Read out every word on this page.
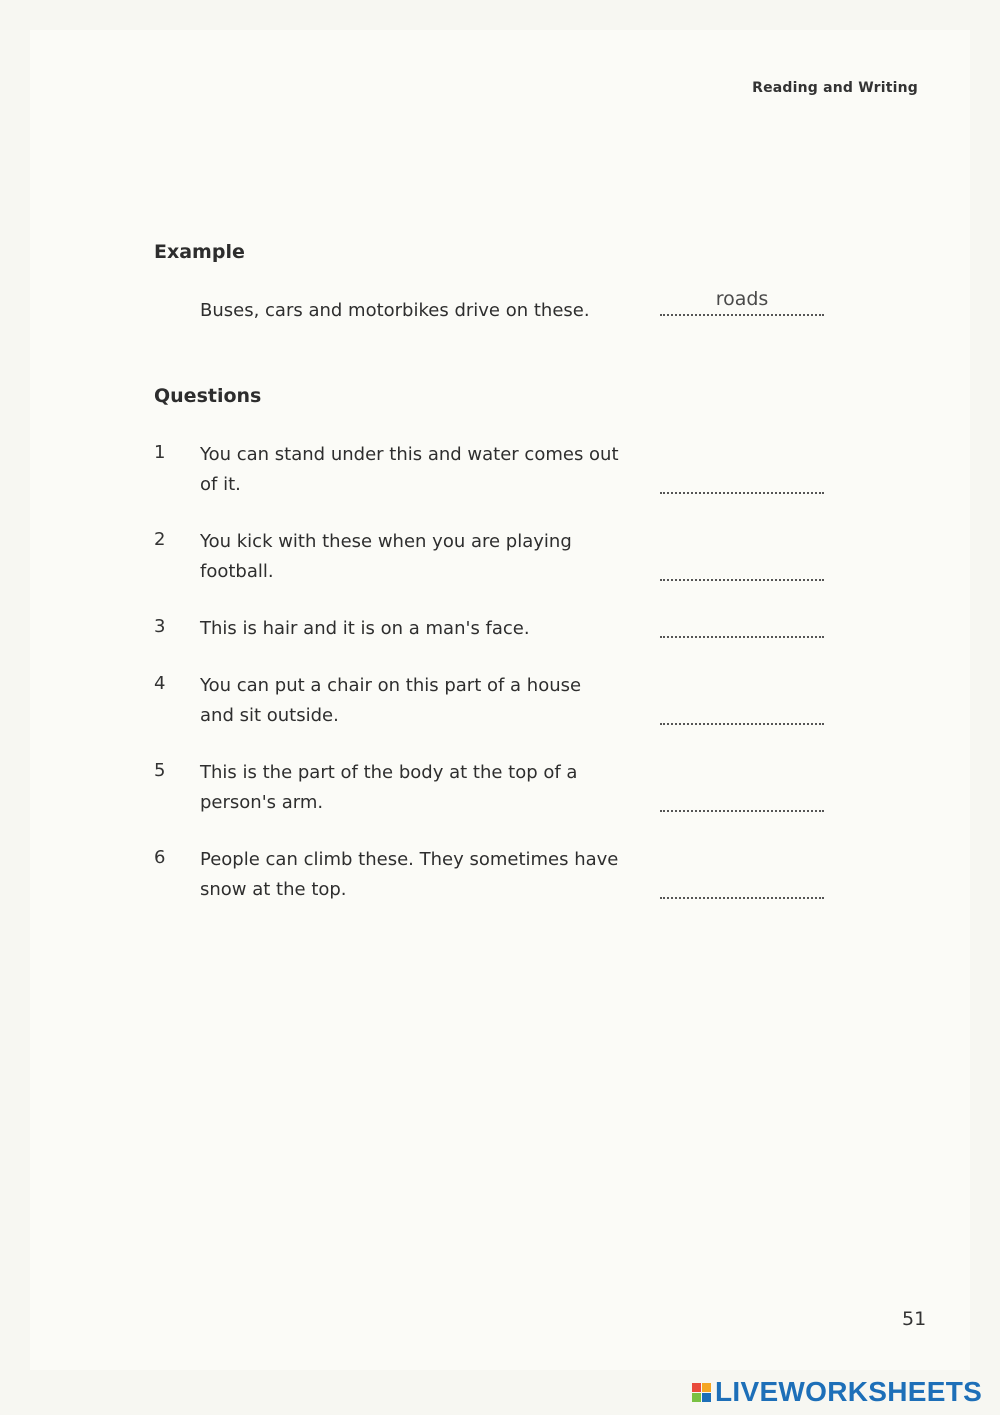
Reading and Writing
Example
Buses, cars and motorbikes drive on these.
roads
Questions
1	You can stand under this and water comes out of it.
2	You kick with these when you are playing football.
3	This is hair and it is on a man's face.
4	You can put a chair on this part of a house and sit outside.
5	This is the part of the body at the top of a person's arm.
6	People can climb these. They sometimes have snow at the top.
51
LIVEWORKSHEETS
